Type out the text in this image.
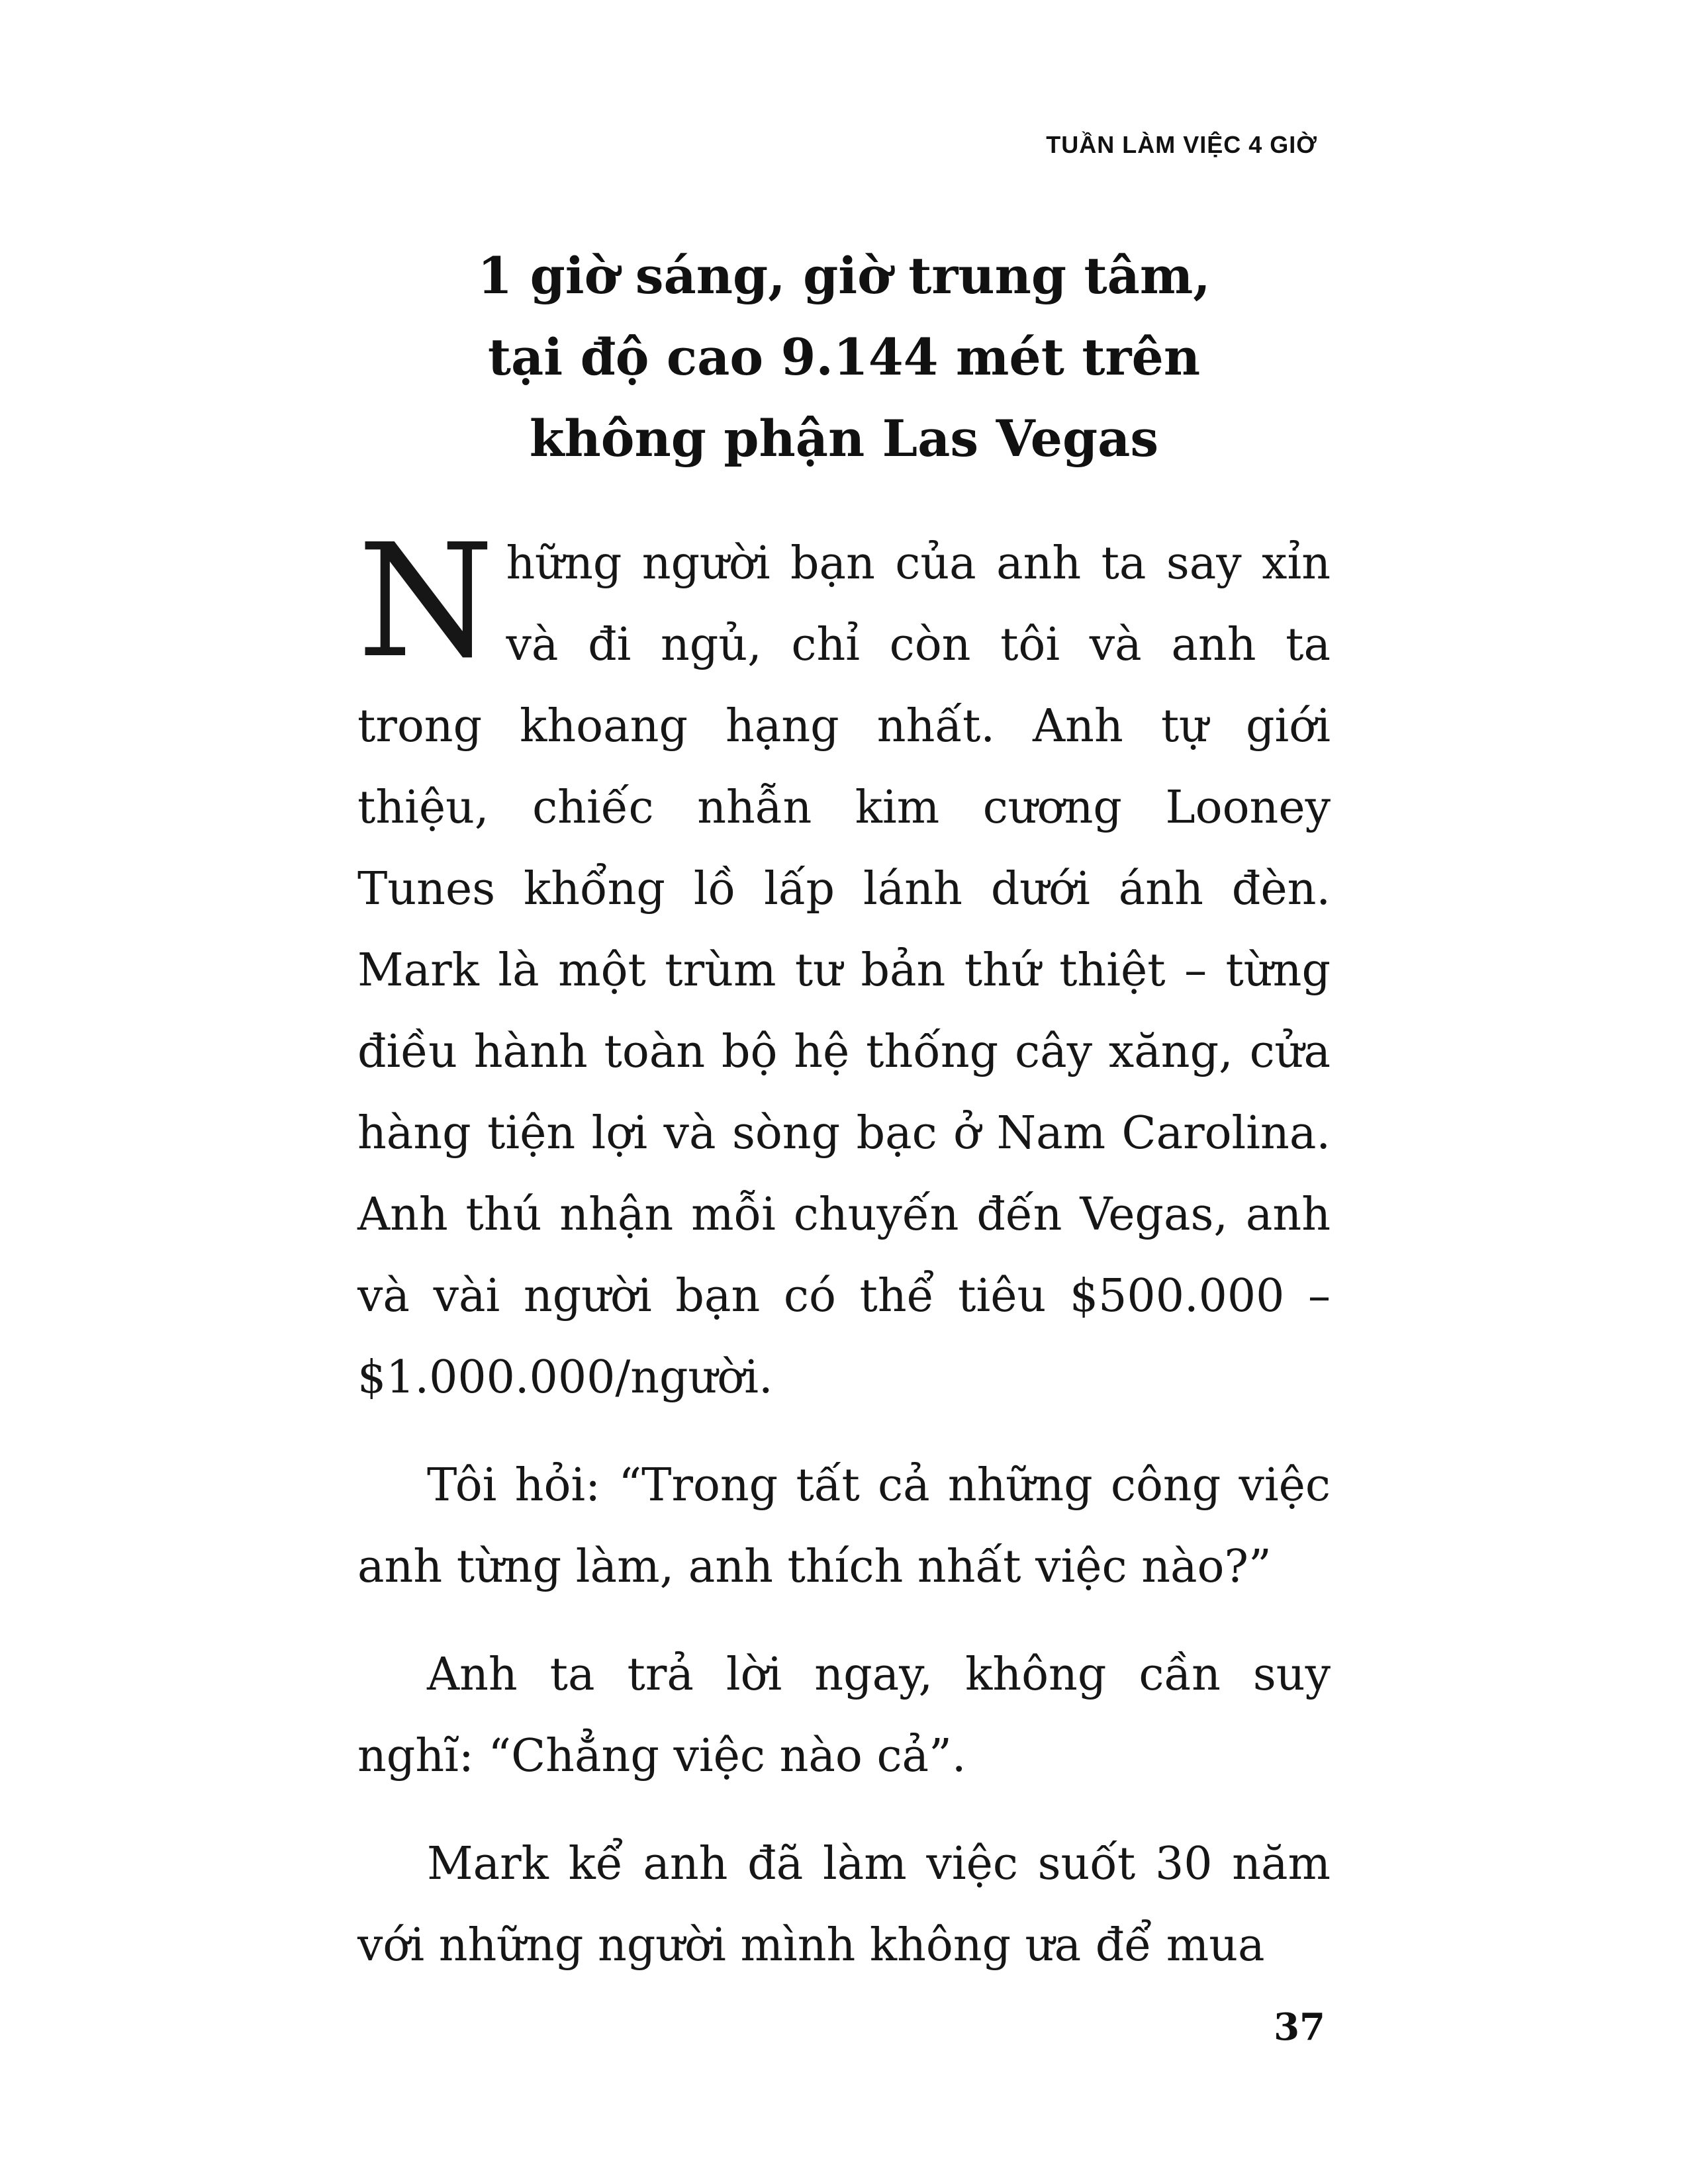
TUẦN LÀM VIỆC 4 GIỜ
1 giờ sáng, giờ trung tâm,
tại độ cao 9.144 mét trên
không phận Las Vegas

Những người bạn của anh ta say xỉn và đi ngủ, chỉ còn tôi và anh ta trong khoang hạng nhất. Anh tự giới thiệu, chiếc nhẫn kim cương Looney Tunes khổng lồ lấp lánh dưới ánh đèn. Mark là một trùm tư bản thứ thiệt – từng điều hành toàn bộ hệ thống cây xăng, cửa hàng tiện lợi và sòng bạc ở Nam Carolina. Anh thú nhận mỗi chuyến đến Vegas, anh và vài người bạn có thể tiêu $500.000 – $1.000.000/người.

Tôi hỏi: “Trong tất cả những công việc anh từng làm, anh thích nhất việc nào?”

Anh ta trả lời ngay, không cần suy nghĩ: “Chẳng việc nào cả”.

Mark kể anh đã làm việc suốt 30 năm với những người mình không ưa để mua

37
